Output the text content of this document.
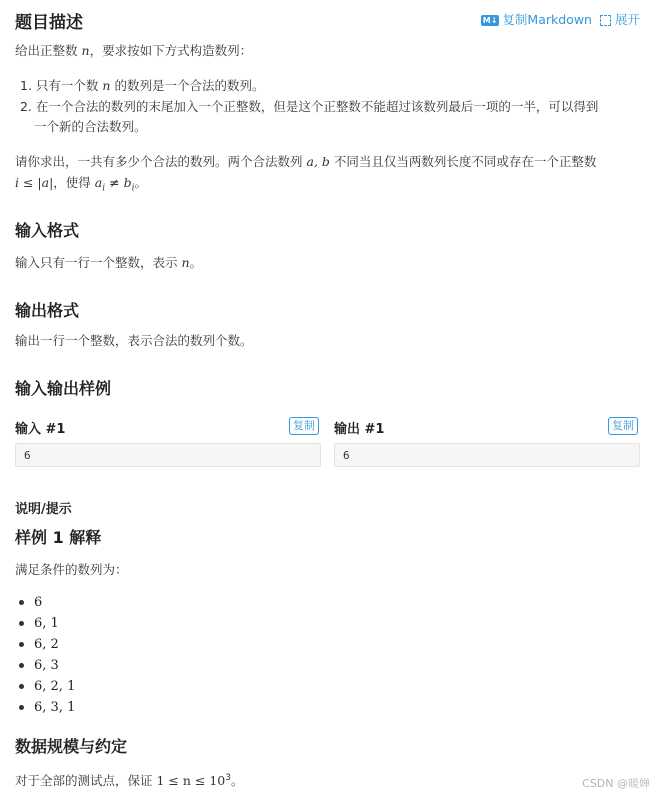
题目描述	M↓ 复制Markdown	展开
给出正整数 n，要求按如下方式构造数列：
1. 只有一个数 n 的数列是一个合法的数列。
2. 在一个合法的数列的末尾加入一个正整数，但是这个正整数不能超过该数列最后一项的一半，可以得到
一个新的合法数列。
请你求出，一共有多少个合法的数列。两个合法数列 a, b 不同当且仅当两数列长度不同或存在一个正整数
i ≤ |a|，使得 $a_i \ne b_i$。
输入格式
输入只有一行一个整数，表示 n。
输出格式
输出一行一个整数，表示合法的数列个数。
输入输出样例
输入 #1	复制
6
输出 #1	复制
6
说明/提示
样例 1 解释
满足条件的数列为：
6
6, 1
6, 2
6, 3
6, 2, 1
6, 3, 1
数据规模与约定
对于全部的测试点，保证 $1 \le n \le 10^3$。	CSDN @暖婵
